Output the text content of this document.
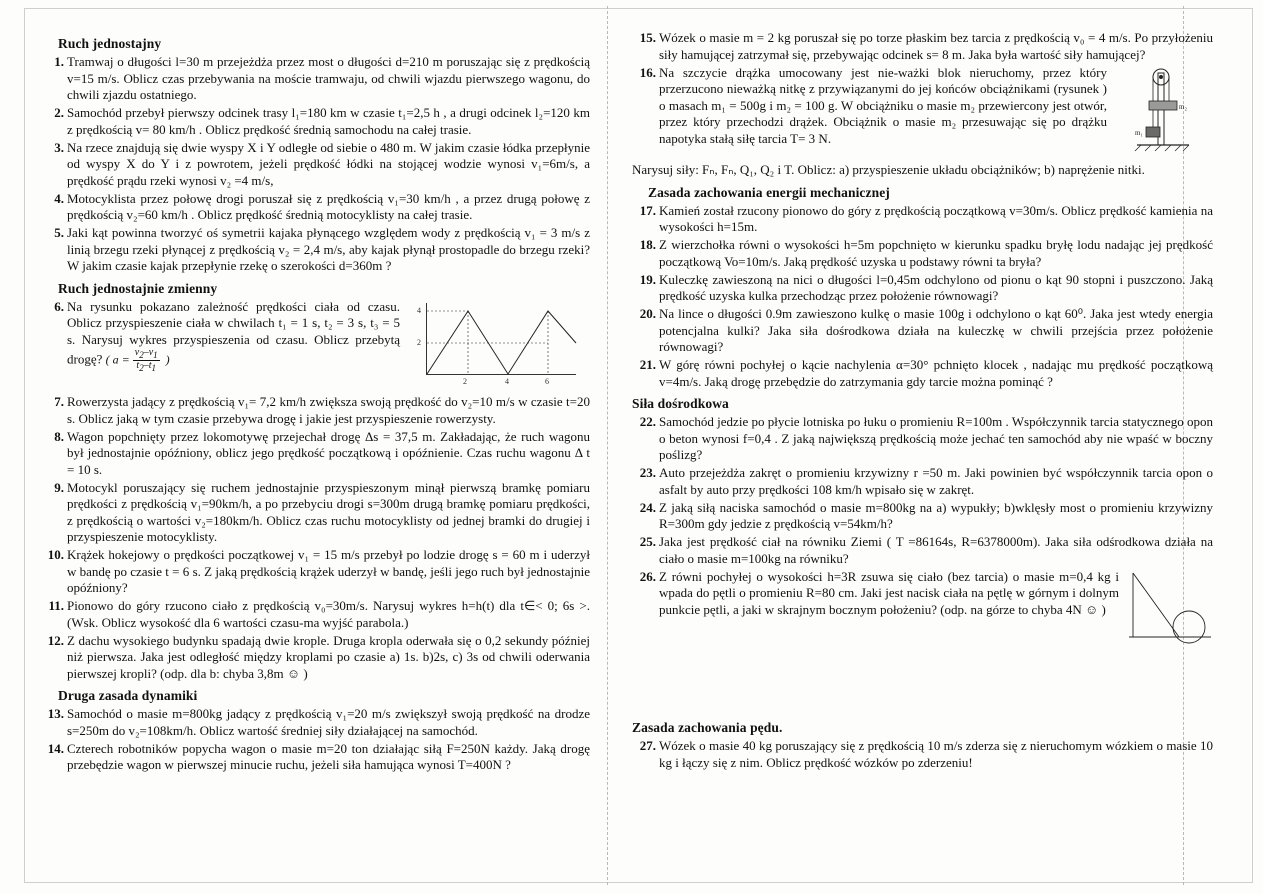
Ruch jednostajny
1. Tramwaj o długości l=30 m przejeżdża przez most o długości d=210 m poruszając się z prędkością v=15 m/s. Oblicz czas przebywania na moście tramwaju, od chwili wjazdu pierwszego wagonu, do chwili zjazdu ostatniego.
2. Samochód przebył pierwszy odcinek trasy l₁=180 km w czasie t₁=2,5 h , a drugi odcinek l₂=120 km z prędkością v= 80 km/h . Oblicz prędkość średnią samochodu na całej trasie.
3. Na rzece znajdują się dwie wyspy X i Y odległe od siebie o 480 m. W jakim czasie łódka przepłynie od wyspy X do Y i z powrotem, jeżeli prędkość łódki na stojącej wodzie wynosi v₁=6m/s, a prędkość prądu rzeki wynosi v₂ =4 m/s,
4. Motocyklista przez połowę drogi poruszał się z prędkością v₁=30 km/h , a przez drugą połowę z prędkością v₂=60 km/h . Oblicz prędkość średnią motocyklisty na całej trasie.
5. Jaki kąt powinna tworzyć oś symetrii kajaka płynącego względem wody z prędkością v₁ = 3 m/s z linią brzegu rzeki płynącej z prędkością v₂ = 2,4 m/s, aby kajak płynął prostopadle do brzegu rzeki? W jakim czasie kajak przepłynie rzekę o szerokości d=360m ?
Ruch jednostajnie zmienny
6.
2	4	6
4
2
Na rysunku pokazano zależność prędkości ciała od czasu. Oblicz przyspieszenie ciała w chwilach t₁ = 1 s, t₂ = 3 s, t₃ = 5 s. Narysuj wykres przyspieszenia od czasu. Oblicz przebytą drogę? ( $a = \frac{v_2-v_1}{t_2-t_1}$ )
7. Rowerzysta jadący z prędkością v₁= 7,2 km/h zwiększa swoją prędkość do v₂=10 m/s w czasie t=20 s. Oblicz jaką w tym czasie przebywa drogę i jakie jest przyspieszenie rowerzysty.
8. Wagon popchnięty przez lokomotywę przejechał drogę Δs = 37,5 m. Zakładając, że ruch wagonu był jednostajnie opóźniony, oblicz jego prędkość początkową i opóźnienie. Czas ruchu wagonu Δ t = 10 s.
9. Motocykl poruszający się ruchem jednostajnie przyspieszonym minął pierwszą bramkę pomiaru prędkości z prędkością v₁=90km/h, a po przebyciu drogi s=300m drugą bramkę pomiaru prędkości, z prędkością o wartości v₂=180km/h. Oblicz czas ruchu motocyklisty od jednej bramki do drugiej i przyspieszenie motocyklisty.
10. Krążek hokejowy o prędkości początkowej v₁ = 15 m/s przebył po lodzie drogę s = 60 m i uderzył w bandę po czasie t = 6 s. Z jaką prędkością krążek uderzył w bandę, jeśli jego ruch był jednostajnie opóźniony?
11. Pionowo do góry rzucono ciało z prędkością v₀=30m/s. Narysuj wykres h=h(t) dla t∈< 0; 6s >. (Wsk. Oblicz wysokość dla 6 wartości czasu-ma wyjść parabola.)
12. Z dachu wysokiego budynku spadają dwie krople. Druga kropla oderwała się o 0,2 sekundy później niż pierwsza. Jaka jest odległość między kroplami po czasie a) 1s. b)2s, c) 3s od chwili oderwania pierwszej kropli? (odp. dla b: chyba 3,8m ☺ )
Druga zasada dynamiki
13. Samochód o masie m=800kg jadący z prędkością v₁=20 m/s zwiększył swoją prędkość na drodze s=250m do v₂=108km/h. Oblicz wartość średniej siły działającej na samochód.
14. Czterech robotników popycha wagon o masie m=20 ton działając siłą F=250N każdy. Jaką drogę przebędzie wagon w pierwszej minucie ruchu, jeżeli siła hamująca wynosi T=400N ?
15. Wózek o masie m = 2 kg poruszał się po torze płaskim bez tarcia z prędkością v₀ = 4 m/s. Po przyłożeniu siły hamującej zatrzymał się, przebywając odcinek s= 8 m. Jaka była wartość siły hamującej?
16.
m₂
m₁
Na szczycie drążka umocowany jest nie-ważki blok nieruchomy, przez który przerzucono nieważką nitkę z przywiązanymi do jej końców obciążnikami (rysunek ) o masach m₁ = 500g i m₂ = 100 g. W obciążniku o masie m₂ przewiercony jest otwór, przez który przechodzi drążek. Obciążnik o masie m₂ przesuwając się po drążku napotyka stałą siłę tarcia T= 3 N.
Narysuj siły: Fₙ, Fₙ, Q₁, Q₂ i T. Oblicz: a) przyspieszenie układu obciążników; b) naprężenie nitki.
Zasada zachowania energii mechanicznej
17. Kamień został rzucony pionowo do góry z prędkością początkową v=30m/s. Oblicz prędkość kamienia na wysokości h=15m.
18. Z wierzchołka równi o wysokości h=5m popchnięto w kierunku spadku bryłę lodu nadając jej prędkość początkową Vo=10m/s. Jaką prędkość uzyska u podstawy równi ta bryła?
19. Kuleczkę zawieszoną na nici o długości l=0,45m odchylono od pionu o kąt 90 stopni i puszczono. Jaką prędkość uzyska kulka przechodząc przez położenie równowagi?
20. Na lince o długości 0.9m zawieszono kulkę o masie 100g i odchylono o kąt 60⁰. Jaka jest wtedy energia potencjalna kulki? Jaka siła dośrodkowa działa na kuleczkę w chwili przejścia przez położenie równowagi?
21. W górę równi pochyłej o kącie nachylenia α=30° pchnięto klocek , nadając mu prędkość początkową v=4m/s. Jaką drogę przebędzie do zatrzymania gdy tarcie można pominąć ?
Siła dośrodkowa
22. Samochód jedzie po płycie lotniska po łuku o promieniu R=100m . Współczynnik tarcia statycznego opon o beton wynosi f=0,4 . Z jaką największą prędkością może jechać ten samochód aby nie wpaść w boczny poślizg?
23. Auto przejeżdża zakręt o promieniu krzywizny r =50 m. Jaki powinien być współczynnik tarcia opon o asfalt by auto przy prędkości 108 km/h wpisało się w zakręt.
24. Z jaką siłą naciska samochód o masie m=800kg na a) wypukły; b)wklęsły most o promieniu krzywizny R=300m gdy jedzie z prędkością v=54km/h?
25. Jaka jest prędkość ciał na równiku Ziemi ( T =86164s, R=6378000m). Jaka siła odśrodkowa działa na ciało o masie m=100kg na równiku?
26. Z równi pochyłej o wysokości h=3R zsuwa się ciało (bez tarcia) o masie m=0,4 kg i wpada do pętli o promieniu R=80 cm. Jaki jest nacisk ciała na pętlę w górnym i dolnym punkcie pętli, a jaki w skrajnym bocznym położeniu? (odp. na górze to chyba 4N ☺ )
Zasada zachowania pędu.
27. Wózek o masie 40 kg poruszający się z prędkością 10 m/s zderza się z nieruchomym wózkiem o masie 10 kg i łączy się z nim. Oblicz prędkość wózków po zderzeniu!
